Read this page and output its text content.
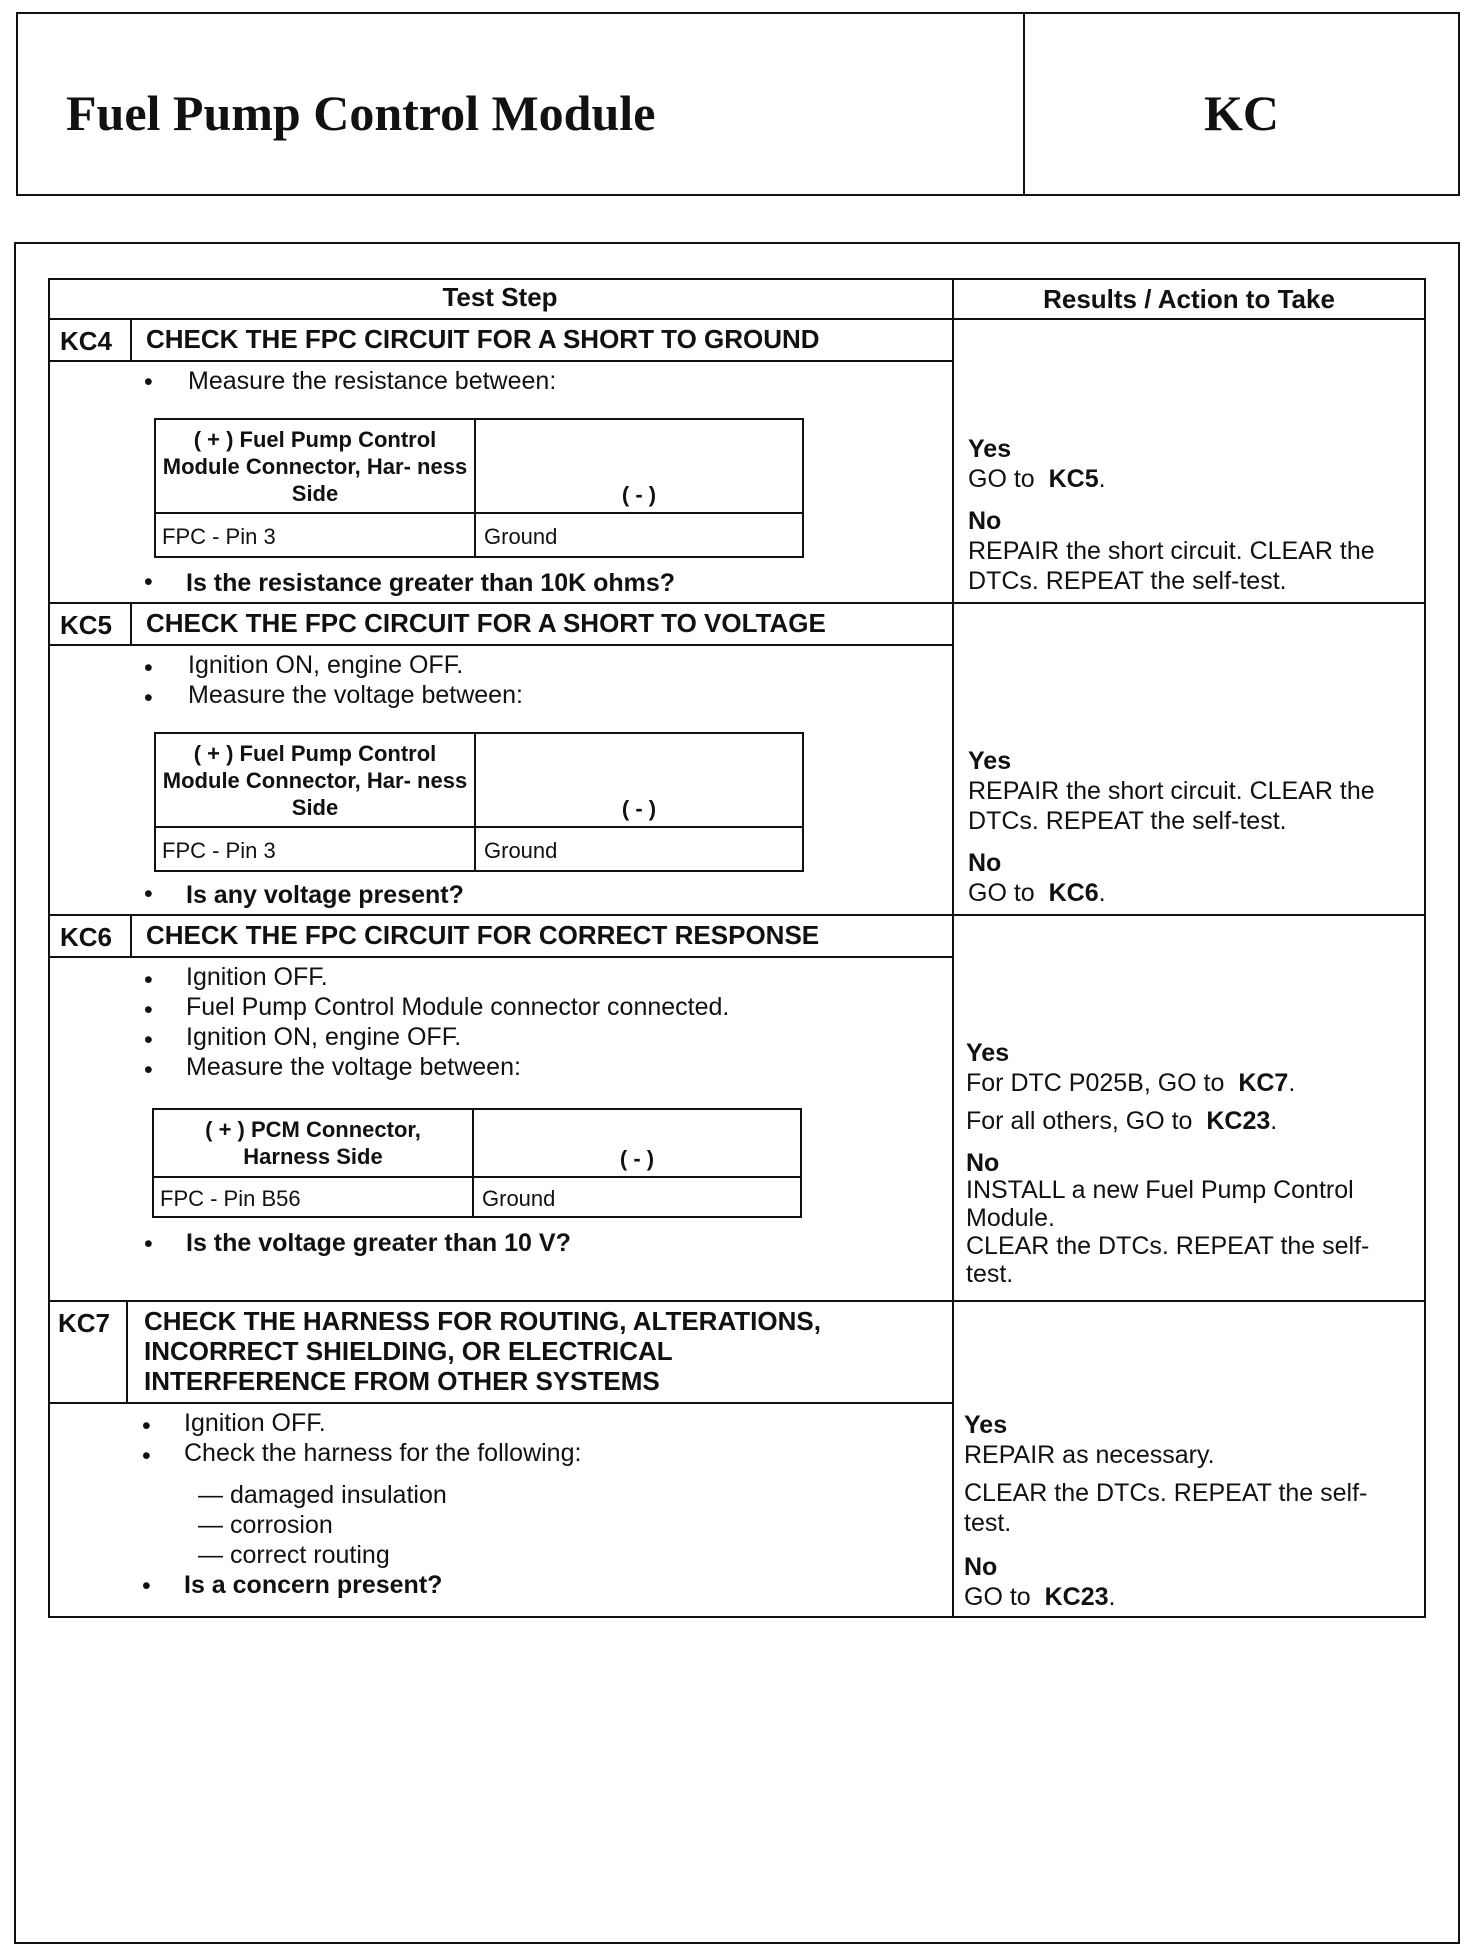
Fuel Pump Control Module	KC
Test Step	Results / Action to Take
KC4 CHECK THE FPC CIRCUIT FOR A SHORT TO GROUND
• Measure the resistance between:
( + ) Fuel Pump Control Module Connector, Har- ness Side	( - )
FPC - Pin 3	Ground
• Is the resistance greater than 10K ohms?
Yes
GO to KC5.
No
REPAIR the short circuit. CLEAR the DTCs. REPEAT the self-test.
KC5 CHECK THE FPC CIRCUIT FOR A SHORT TO VOLTAGE
• Ignition ON, engine OFF.
• Measure the voltage between:
( + ) Fuel Pump Control Module Connector, Har- ness Side	( - )
FPC - Pin 3	Ground
• Is any voltage present?
Yes
REPAIR the short circuit. CLEAR the DTCs. REPEAT the self-test.
No
GO to KC6.
KC6 CHECK THE FPC CIRCUIT FOR CORRECT RESPONSE
• Ignition OFF.
• Fuel Pump Control Module connector connected.
• Ignition ON, engine OFF.
• Measure the voltage between:
( + ) PCM Connector, Harness Side	( - )
FPC - Pin B56	Ground
• Is the voltage greater than 10 V?
Yes
For DTC P025B, GO to KC7.
For all others, GO to KC23.
No
INSTALL a new Fuel Pump Control Module.
CLEAR the DTCs. REPEAT the self-test.
KC7 CHECK THE HARNESS FOR ROUTING, ALTERATIONS,
INCORRECT SHIELDING, OR ELECTRICAL
INTERFERENCE FROM OTHER SYSTEMS
• Ignition OFF.
• Check the harness for the following:
— damaged insulation
— corrosion
— correct routing
• Is a concern present?
Yes
REPAIR as necessary.
CLEAR the DTCs. REPEAT the self-test.
No
GO to KC23.
